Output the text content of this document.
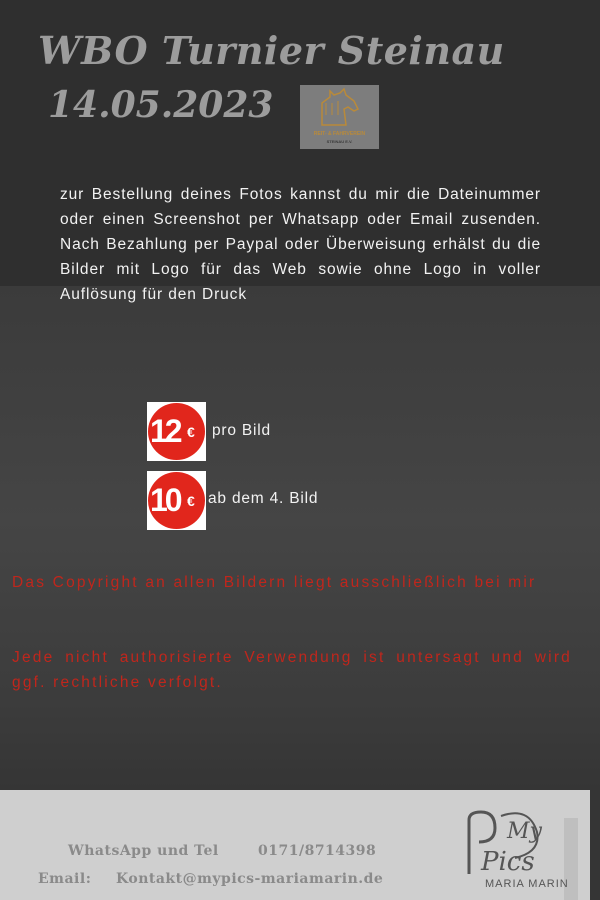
WBO Turnier Steinau
14.05.2023
REIT- & FAHRVEREIN
STEINAU E.V.
zur Bestellung deines Fotos kannst du mir die Dateinummer oder einen Screenshot per Whatsapp oder Email zusenden. Nach Bezahlung per Paypal oder Überweisung erhälst du die Bilder mit Logo für das Web sowie ohne Logo in voller Auflösung für den Druck
12 € pro Bild
10 € ab dem 4. Bild
Das Copyright an allen Bildern liegt ausschließlich bei mir
Jede nicht authorisierte Verwendung ist untersagt und wird ggf. rechtliche verfolgt.
WhatsApp und Tel	0171/8714398
Email: Kontakt@mypics-mariamarin.de
My
Pics
MARIA MARIN
